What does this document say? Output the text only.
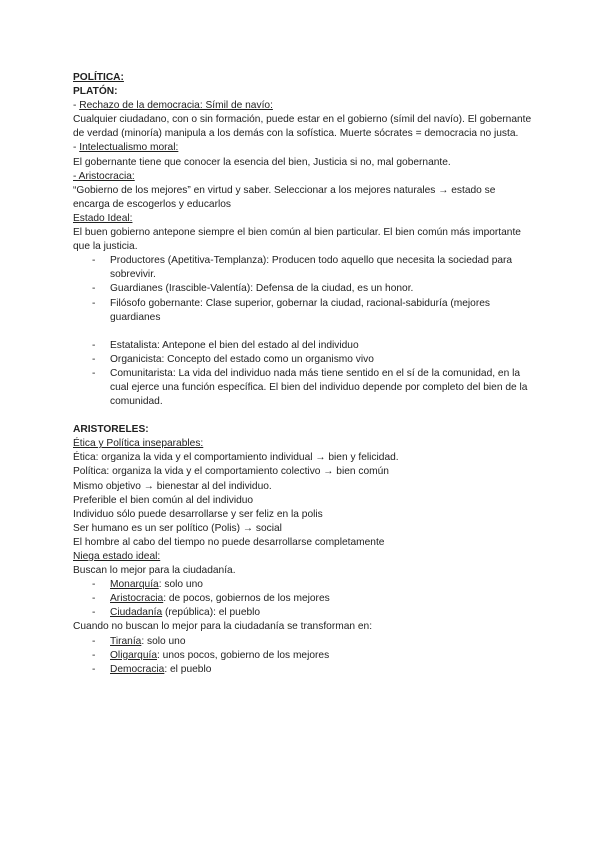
POLÍTICA:
PLATÓN:
- Rechazo de la democracia: Símil de navío:
Cualquier ciudadano, con o sin formación, puede estar en el gobierno (símil del navío). El gobernante de verdad (minoría) manipula a los demás con la sofística. Muerte sócrates = democracia no justa.
- Intelectualismo moral:
El gobernante tiene que conocer la esencia del bien, Justicia si no, mal gobernante.
- Aristocracia:
“Gobierno de los mejores” en virtud y saber. Seleccionar a los mejores naturales → estado se encarga de escogerlos y educarlos
Estado Ideal:
El buen gobierno antepone siempre el bien común al bien particular. El bien común más importante que la justicia.
- Productores (Apetitiva-Templanza): Producen todo aquello que necesita la sociedad para sobrevivir.
- Guardianes (Irascible-Valentía): Defensa de la ciudad, es un honor.
- Filósofo gobernante: Clase superior, gobernar la ciudad, racional-sabiduría (mejores guardianes
- Estatalista: Antepone el bien del estado al del individuo
- Organicista: Concepto del estado como un organismo vivo
- Comunitarista: La vida del individuo nada más tiene sentido en el sí de la comunidad, en la cual ejerce una función específica. El bien del individuo depende por completo del bien de la comunidad.
ARISTORELES:
Ética y Política inseparables:
Ética: organiza la vida y el comportamiento individual → bien y felicidad.
Política: organiza la vida y el comportamiento colectivo → bien común
Mismo objetivo → bienestar al del individuo.
Preferible el bien común al del individuo
Individuo sólo puede desarrollarse y ser feliz en la polis
Ser humano es un ser político (Polis) → social
El hombre al cabo del tiempo no puede desarrollarse completamente
Niega estado ideal:
Buscan lo mejor para la ciudadanía.
- Monarquía: solo uno
- Aristocracia: de pocos, gobiernos de los mejores
- Ciudadanía (república): el pueblo
Cuando no buscan lo mejor para la ciudadanía se transforman en:
- Tiranía: solo uno
- Oligarquía: unos pocos, gobierno de los mejores
- Democracia: el pueblo
